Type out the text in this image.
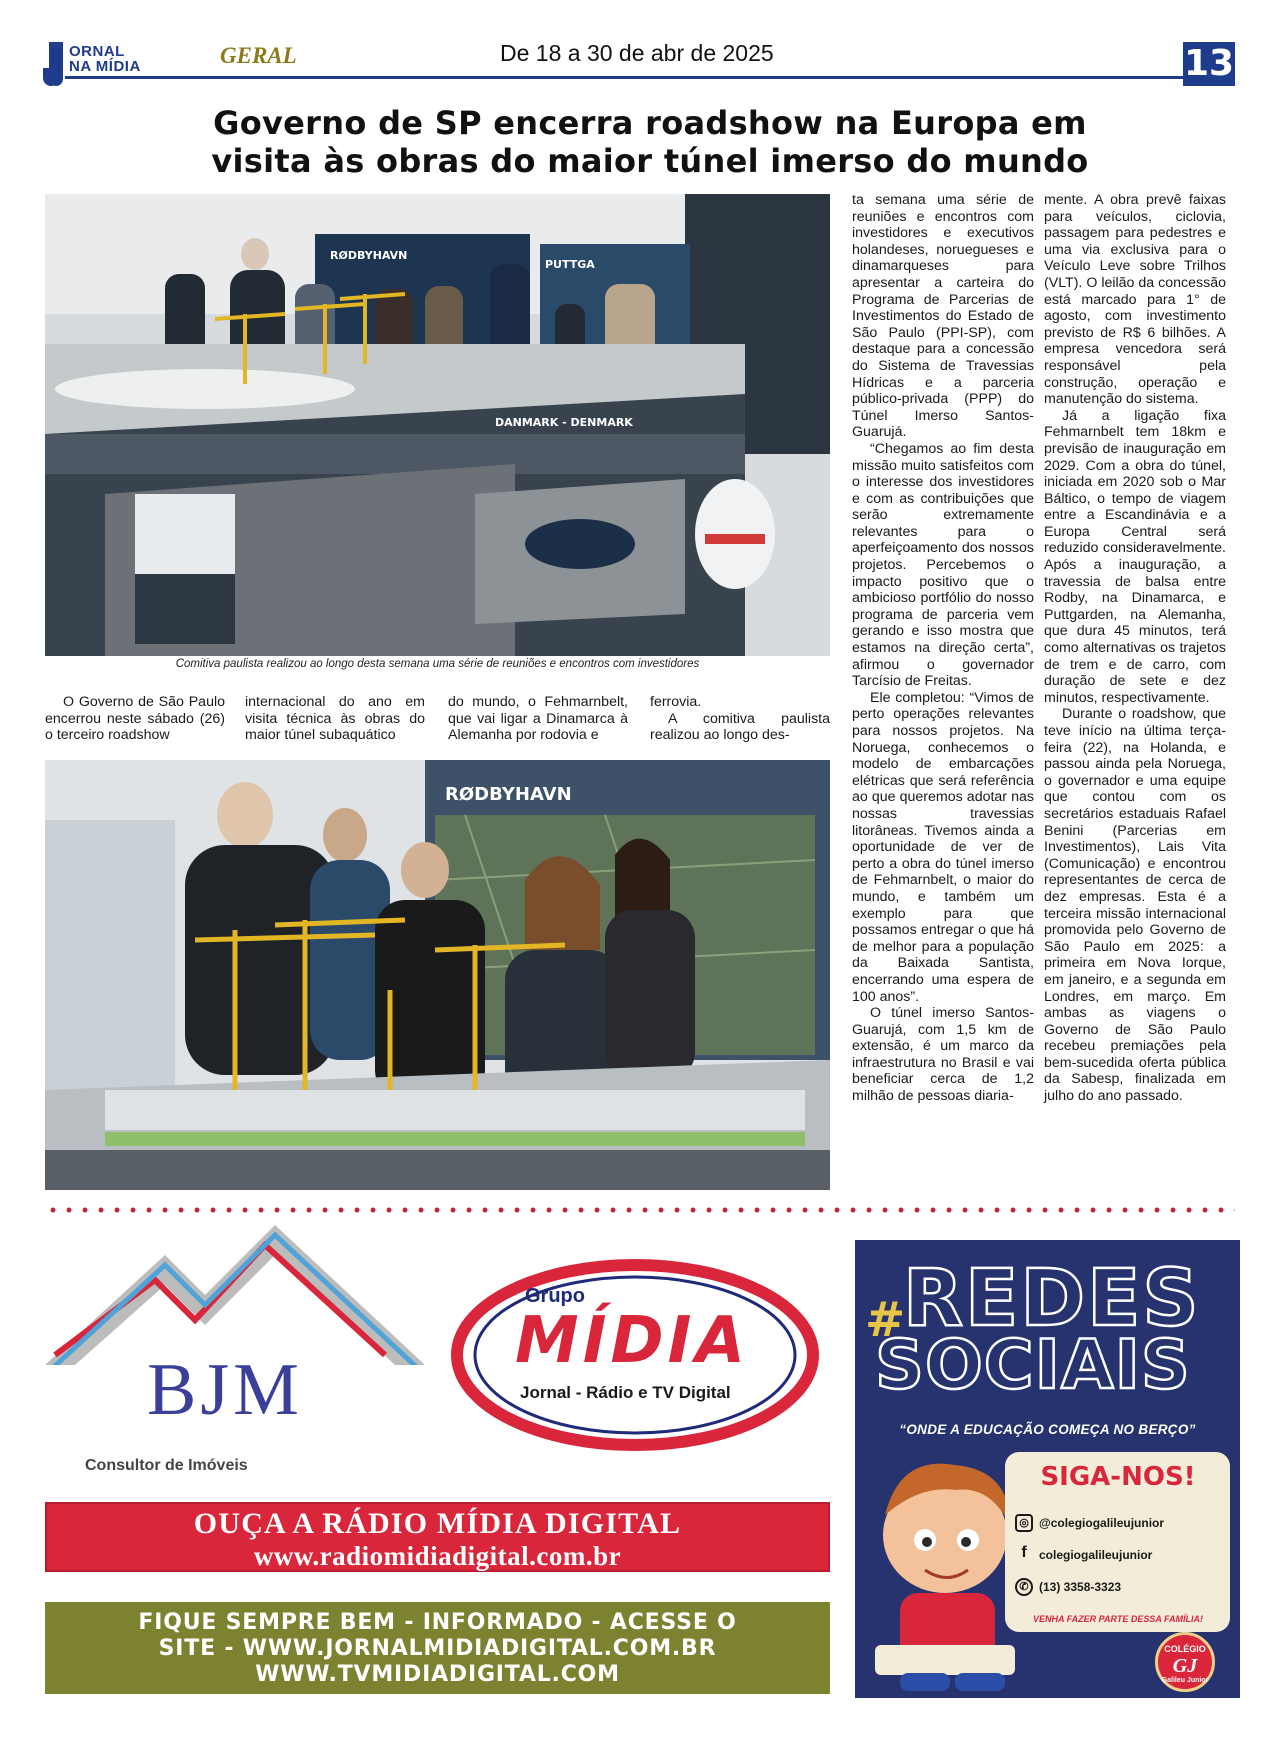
ORNAL
NA MÍDIA	GERAL	De 18 a 30 de abr de 2025	13
Governo de SP encerra roadshow na Europa em
visita às obras do maior túnel imerso do mundo
RØDBYHAVN
PUTTGA
DANMARK - DENMARK
Comitiva paulista realizou ao longo desta semana uma série de reuniões e encontros com investidores

O Governo de São Paulo encerrou neste sábado (26) o terceiro roadshow

internacional do ano em visita técnica às obras do maior túnel subaquático

do mundo, o Fehmarnbelt, que vai ligar a Dinamarca à Alemanha por rodovia e

ferrovia.

A comitiva paulista realizou ao longo des-

RØDBYHAVN

ta semana uma série de reuniões e encontros com investidores e executivos holandeses, noruegueses e dinamarqueses para apresentar a carteira do Programa de Parcerias de Investimentos do Estado de São Paulo (PPI-SP), com destaque para a concessão do Sistema de Travessias Hídricas e a parceria público-privada (PPP) do Túnel Imerso Santos-Guarujá.

“Chegamos ao fim desta missão muito satisfeitos com o interesse dos investidores e com as contribuições que serão extremamente relevantes para o aperfeiçoamento dos nossos projetos. Percebemos o impacto positivo que o ambicioso portfólio do nosso programa de parceria vem gerando e isso mostra que estamos na direção certa”, afirmou o governador Tarcísio de Freitas.

Ele completou: “Vimos de perto operações relevantes para nossos projetos. Na Noruega, conhecemos o modelo de embarcações elétricas que será referência ao que queremos adotar nas nossas travessias litorâneas. Tivemos ainda a oportunidade de ver de perto a obra do túnel imerso de Fehmarnbelt, o maior do mundo, e também um exemplo para que possamos entregar o que há de melhor para a população da Baixada Santista, encerrando uma espera de 100 anos”.

O túnel imerso Santos-Guarujá, com 1,5 km de extensão, é um marco da infraestrutura no Brasil e vai beneficiar cerca de 1,2 milhão de pessoas diaria-

mente. A obra prevê faixas para veículos, ciclovia, passagem para pedestres e uma via exclusiva para o Veículo Leve sobre Trilhos (VLT). O leilão da concessão está marcado para 1° de agosto, com investimento previsto de R$ 6 bilhões. A empresa vencedora será responsável pela construção, operação e manutenção do sistema.

Já a ligação fixa Fehmarnbelt tem 18km e previsão de inauguração em 2029. Com a obra do túnel, iniciada em 2020 sob o Mar Báltico, o tempo de viagem entre a Escandinávia e a Europa Central será reduzido consideravelmente. Após a inauguração, a travessia de balsa entre Rodby, na Dinamarca, e Puttgarden, na Alemanha, que dura 45 minutos, terá como alternativas os trajetos de trem e de carro, com duração de sete e dez minutos, respectivamente.

Durante o roadshow, que teve início na última terça-feira (22), na Holanda, e passou ainda pela Noruega, o governador e uma equipe que contou com os secretários estaduais Rafael Benini (Parcerias em Investimentos), Lais Vita (Comunicação) e encontrou representantes de cerca de dez empresas. Esta é a terceira missão internacional promovida pelo Governo de São Paulo em 2025: a primeira em Nova Iorque, em janeiro, e a segunda em Londres, em março. Em ambas as viagens o Governo de São Paulo recebeu premiações pela bem-sucedida oferta pública da Sabesp, finalizada em julho do ano passado.

BJM
Consultor de Imóveis
Grupo
MÍDIA
Jornal - Rádio e TV Digital
OUÇA A RÁDIO MÍDIA DIGITAL
www.radiomidiadigital.com.br
FIQUE SEMPRE BEM - INFORMADO - ACESSE O
SITE - WWW.JORNALMIDIADIGITAL.COM.BR
WWW.TVMIDIADIGITAL.COM
REDES
#
SOCIAIS
“ONDE A EDUCAÇÃO COMEÇA NO BERÇO”
SIGA-NOS!
◎ @colegiogalileujunior
f	colegiogalileujunior
✆ (13) 3358-3323
VENHA FAZER PARTE DESSA FAMÍLIA!
COLÉGIO
GJ
Galileu Junior
